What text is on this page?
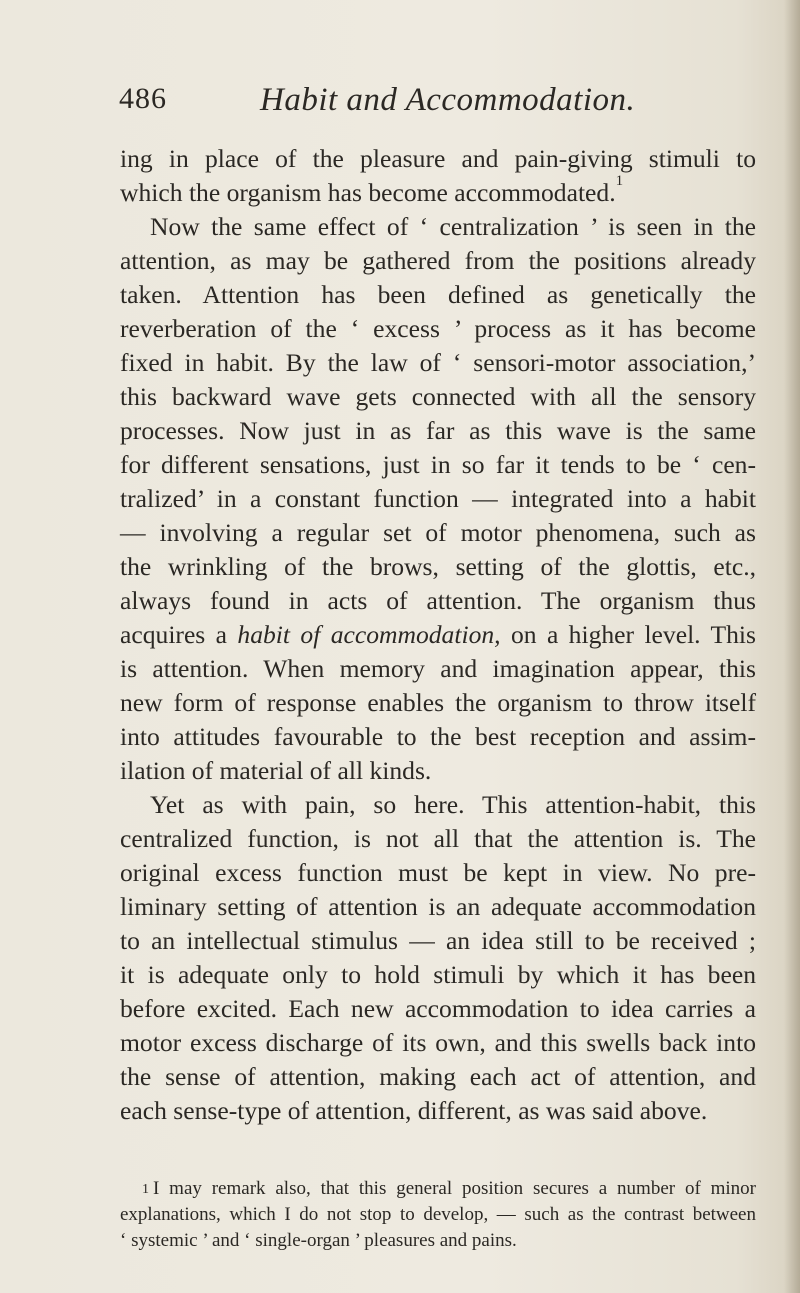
486	Habit and Accommodation.
ing in place of the pleasure and pain-giving stimuli to
which the organism has become accommodated.$^1$
Now the same effect of ‘ centralization ’ is seen in the
attention, as may be gathered from the positions already
taken. Attention has been defined as genetically the
reverberation of the ‘ excess ’ process as it has become
fixed in habit. By the law of ‘ sensori-motor association,’
this backward wave gets connected with all the sensory
processes. Now just in as far as this wave is the same
for different sensations, just in so far it tends to be ‘ cen-
tralized’ in a constant function — integrated into a habit
— involving a regular set of motor phenomena, such as
the wrinkling of the brows, setting of the glottis, etc.,
always found in acts of attention. The organism thus
acquires a habit of accommodation, on a higher level. This
is attention. When memory and imagination appear, this
new form of response enables the organism to throw itself
into attitudes favourable to the best reception and assim-
ilation of material of all kinds.
Yet as with pain, so here. This attention-habit, this
centralized function, is not all that the attention is. The
original excess function must be kept in view. No pre-
liminary setting of attention is an adequate accommodation
to an intellectual stimulus — an idea still to be received ;
it is adequate only to hold stimuli by which it has been
before excited. Each new accommodation to idea carries a
motor excess discharge of its own, and this swells back into
the sense of attention, making each act of attention, and
each sense-type of attention, different, as was said above.
$^1$ I may remark also, that this general position secures a number of minor
explanations, which I do not stop to develop, — such as the contrast between
‘ systemic ’ and ‘ single-organ ’ pleasures and pains.
